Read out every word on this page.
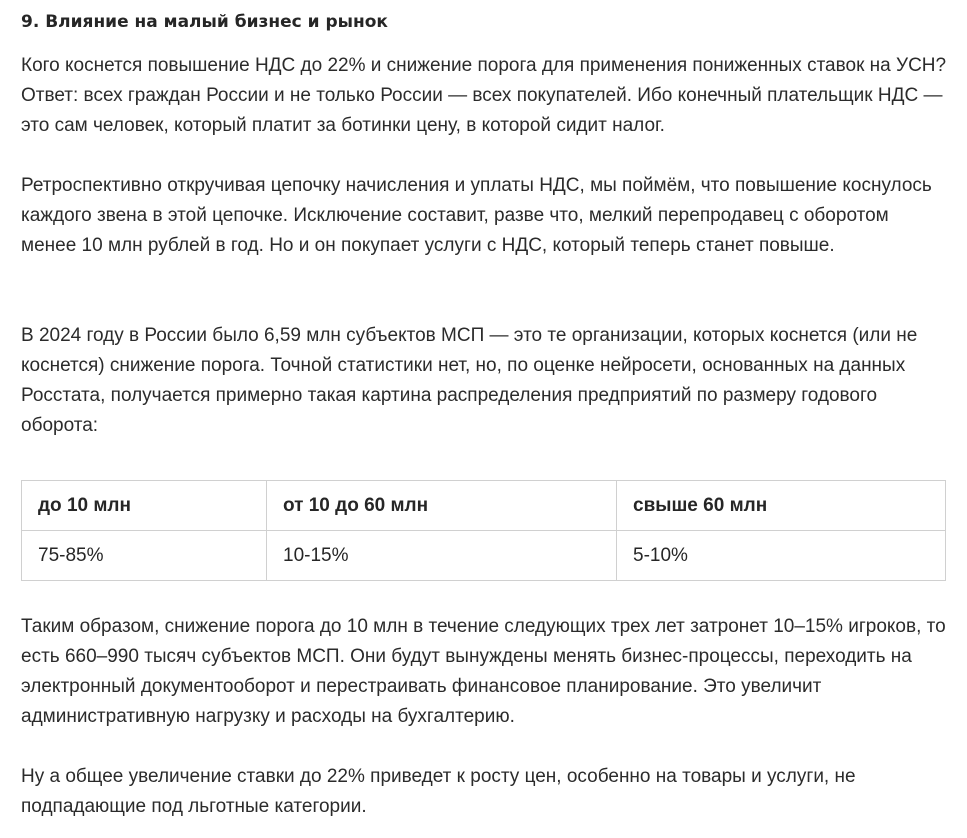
9. Влияние на малый бизнес и рынок

Кого коснется повышение НДС до 22% и снижение порога для применения пониженных ставок на УСН? Ответ: всех граждан России и не только России — всех покупателей. Ибо конечный плательщик НДС — это сам человек, который платит за ботинки цену, в которой сидит налог.

Ретроспективно откручивая цепочку начисления и уплаты НДС, мы поймём, что повышение коснулось каждого звена в этой цепочке. Исключение составит, разве что, мелкий перепродавец с оборотом менее 10 млн рублей в год. Но и он покупает услуги с НДС, который теперь станет повыше.

В 2024 году в России было 6,59 млн субъектов МСП — это те организации, которых коснется (или не коснется) снижение порога. Точной статистики нет, но, по оценке нейросети, основанных на данных Росстата, получается примерно такая картина распределения предприятий по размеру годового оборота:

до 10 млн	от 10 до 60 млн	свыше 60 млн
75-85%	10-15%	5-10%

Таким образом, снижение порога до 10 млн в течение следующих трех лет затронет 10–15% игроков, то есть 660–990 тысяч субъектов МСП. Они будут вынуждены менять бизнес-процессы, переходить на электронный документооборот и перестраивать финансовое планирование. Это увеличит административную нагрузку и расходы на бухгалтерию.

Ну а общее увеличение ставки до 22% приведет к росту цен, особенно на товары и услуги, не подпадающие под льготные категории.
